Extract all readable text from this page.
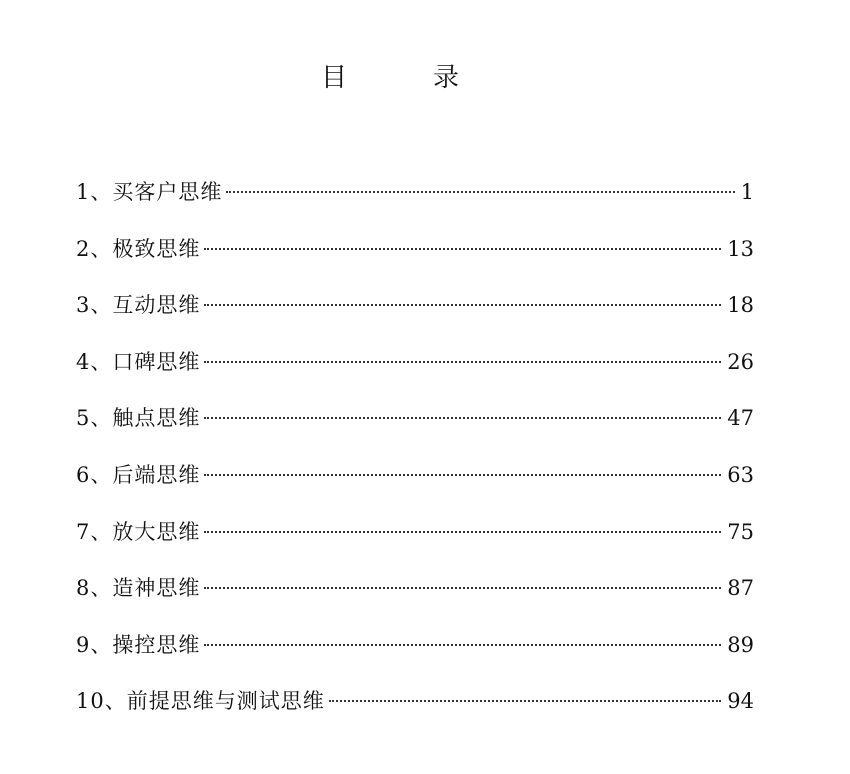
目　录
1、买客户思维	1
2、极致思维	13
3、互动思维	18
4、口碑思维	26
5、触点思维	47
6、后端思维	63
7、放大思维	75
8、造神思维	87
9、操控思维	89
10、前提思维与测试思维	94
